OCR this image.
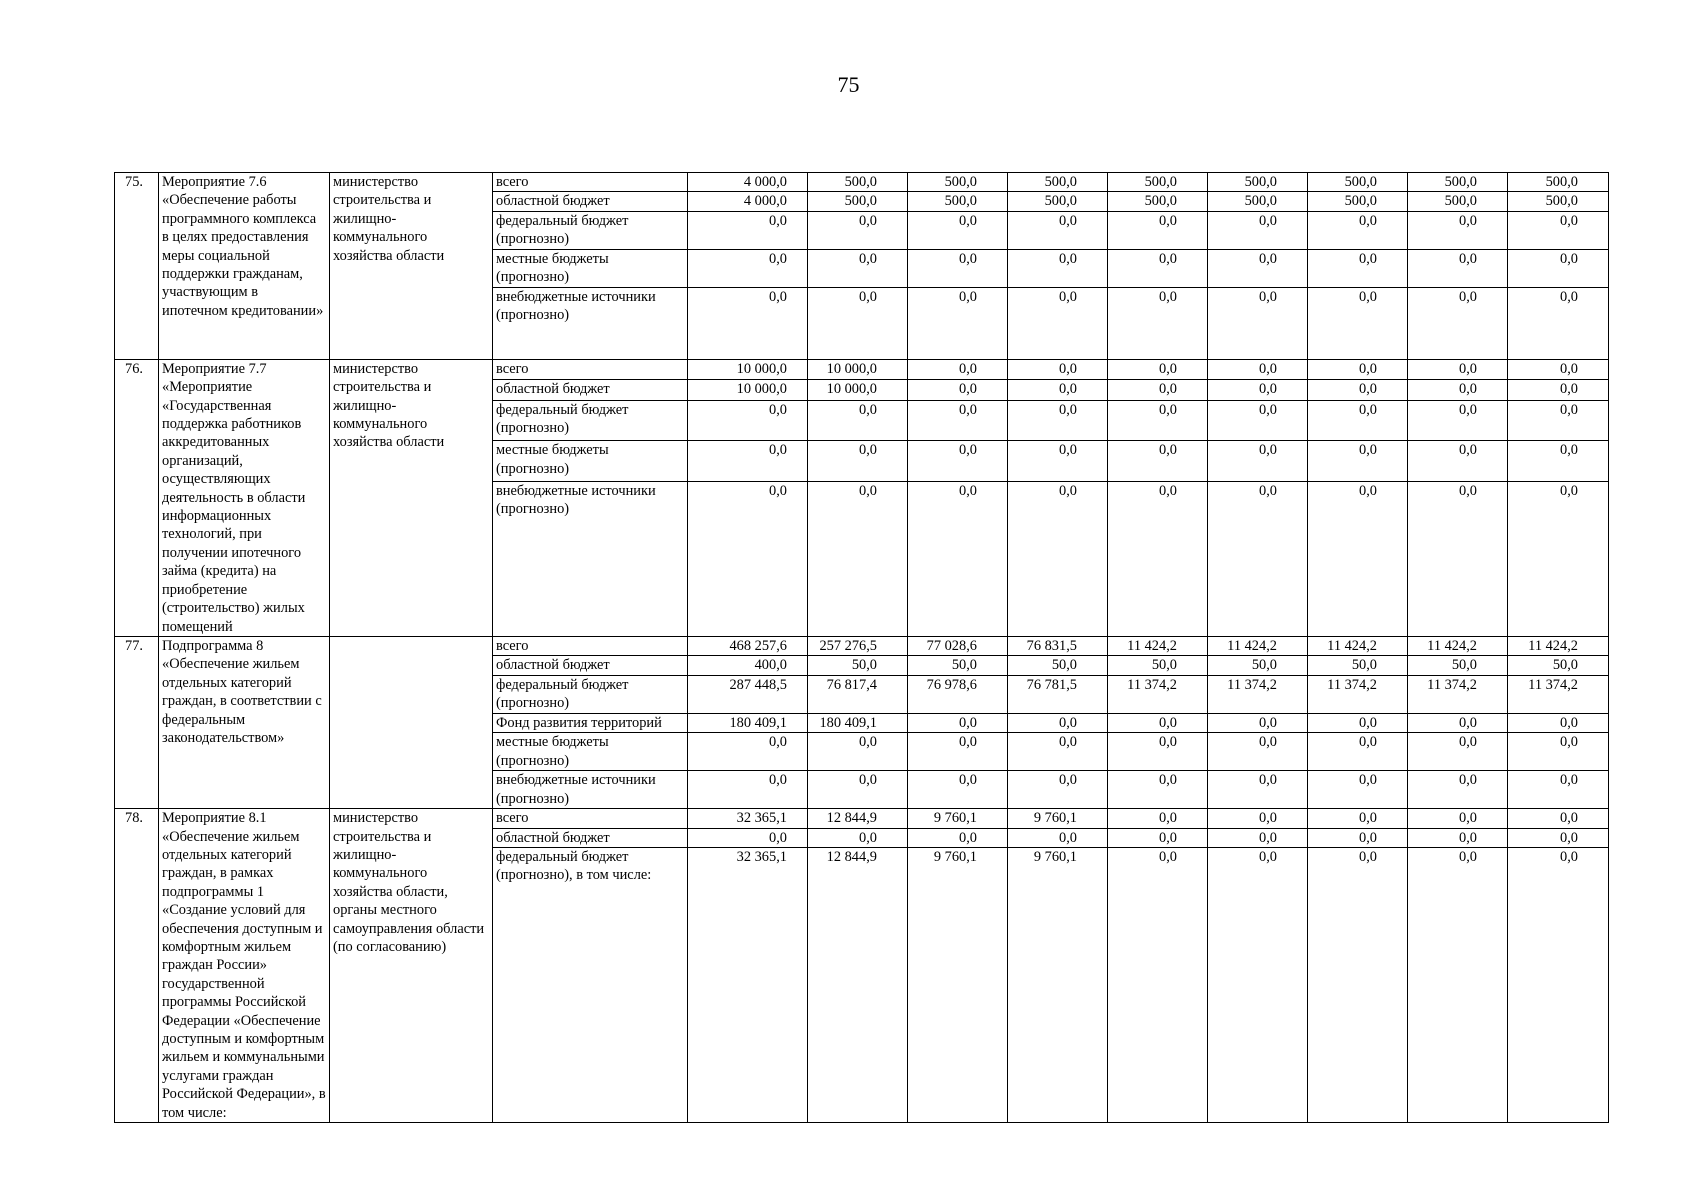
75
75.	Мероприятие 7.6 «Обеспечение работы программного комплекса в целях предоставления меры социальной поддержки гражданам, участвующим в ипотечном кредитовании»	министерство строительства и жилищно-коммунального хозяйства области	всего	4 000,0	500,0	500,0	500,0	500,0	500,0	500,0	500,0	500,0
			областной бюджет	4 000,0	500,0	500,0	500,0	500,0	500,0	500,0	500,0	500,0
			федеральный бюджет (прогнозно)	0,0	0,0	0,0	0,0	0,0	0,0	0,0	0,0	0,0
			местные бюджеты (прогнозно)	0,0	0,0	0,0	0,0	0,0	0,0	0,0	0,0	0,0
			внебюджетные источники (прогнозно)	0,0	0,0	0,0	0,0	0,0	0,0	0,0	0,0	0,0
76.	Мероприятие 7.7 «Мероприятие «Государственная поддержка работников аккредитованных организаций, осуществляющих деятельность в области информационных технологий, при получении ипотечного займа (кредита) на приобретение (строительство) жилых помещений	министерство строительства и жилищно-коммунального хозяйства области	всего	10 000,0	10 000,0	0,0	0,0	0,0	0,0	0,0	0,0	0,0
			областной бюджет	10 000,0	10 000,0	0,0	0,0	0,0	0,0	0,0	0,0	0,0
			федеральный бюджет (прогнозно)	0,0	0,0	0,0	0,0	0,0	0,0	0,0	0,0	0,0
			местные бюджеты (прогнозно)	0,0	0,0	0,0	0,0	0,0	0,0	0,0	0,0	0,0
			внебюджетные источники (прогнозно)	0,0	0,0	0,0	0,0	0,0	0,0	0,0	0,0	0,0
77.	Подпрограмма 8 «Обеспечение жильем отдельных категорий граждан, в соответствии с федеральным законодательством»		всего	468 257,6	257 276,5	77 028,6	76 831,5	11 424,2	11 424,2	11 424,2	11 424,2	11 424,2
			областной бюджет	400,0	50,0	50,0	50,0	50,0	50,0	50,0	50,0	50,0
			федеральный бюджет (прогнозно)	287 448,5	76 817,4	76 978,6	76 781,5	11 374,2	11 374,2	11 374,2	11 374,2	11 374,2
			Фонд развития территорий	180 409,1	180 409,1	0,0	0,0	0,0	0,0	0,0	0,0	0,0
			местные бюджеты (прогнозно)	0,0	0,0	0,0	0,0	0,0	0,0	0,0	0,0	0,0
			внебюджетные источники (прогнозно)	0,0	0,0	0,0	0,0	0,0	0,0	0,0	0,0	0,0
78.	Мероприятие 8.1 «Обеспечение жильем отдельных категорий граждан, в рамках подпрограммы 1 «Создание условий для обеспечения доступным и комфортным жильем граждан России» государственной программы Российской Федерации «Обеспечение доступным и комфортным жильем и коммунальными услугами граждан Российской Федерации», в том числе:	министерство строительства и жилищно-коммунального хозяйства области, органы местного самоуправления области (по согласованию)	всего	32 365,1	12 844,9	9 760,1	9 760,1	0,0	0,0	0,0	0,0	0,0
			областной бюджет	0,0	0,0	0,0	0,0	0,0	0,0	0,0	0,0	0,0
			федеральный бюджет (прогнозно), в том числе:	32 365,1	12 844,9	9 760,1	9 760,1	0,0	0,0	0,0	0,0	0,0
